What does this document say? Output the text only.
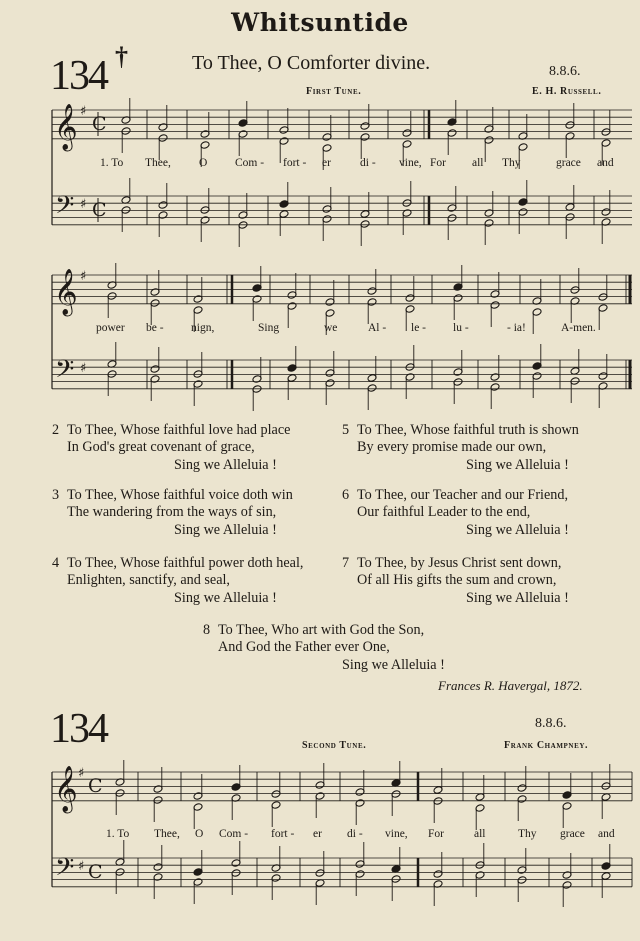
Whitsuntide
134 †	To Thee, O Comforter divine.	8.8.6.
First Tune.	E. H. Russell.
𝄞
𝄢
♯
♯
C
C
𝄞
𝄢
♯
♯
𝄞
𝄢
♯
♯
C
C
1. To Thee, O Com - fort - er	di - vine, For all Thy	grace and
power be - nign,	Sing	we	Al - le - lu -	- ia!	A-men.
1. To Thee, O Com - fort - er di - vine, For	all	Thy grace and
2 To Thee, Whose faithful love had place
In God's great covenant of grace,
Sing we Alleluia !
3 To Thee, Whose faithful voice doth win
The wandering from the ways of sin,
Sing we Alleluia !
4 To Thee, Whose faithful power doth heal,
Enlighten, sanctify, and seal,
Sing we Alleluia !
5 To Thee, Whose faithful truth is shown
By every promise made our own,
Sing we Alleluia !
6 To Thee, our Teacher and our Friend,
Our faithful Leader to the end,
Sing we Alleluia !
7 To Thee, by Jesus Christ sent down,
Of all His gifts the sum and crown,
Sing we Alleluia !
8 To Thee, Who art with God the Son,
And God the Father ever One,
Sing we Alleluia !
Frances R. Havergal, 1872.
134	8.8.6.
Second Tune.	Frank Champney.
